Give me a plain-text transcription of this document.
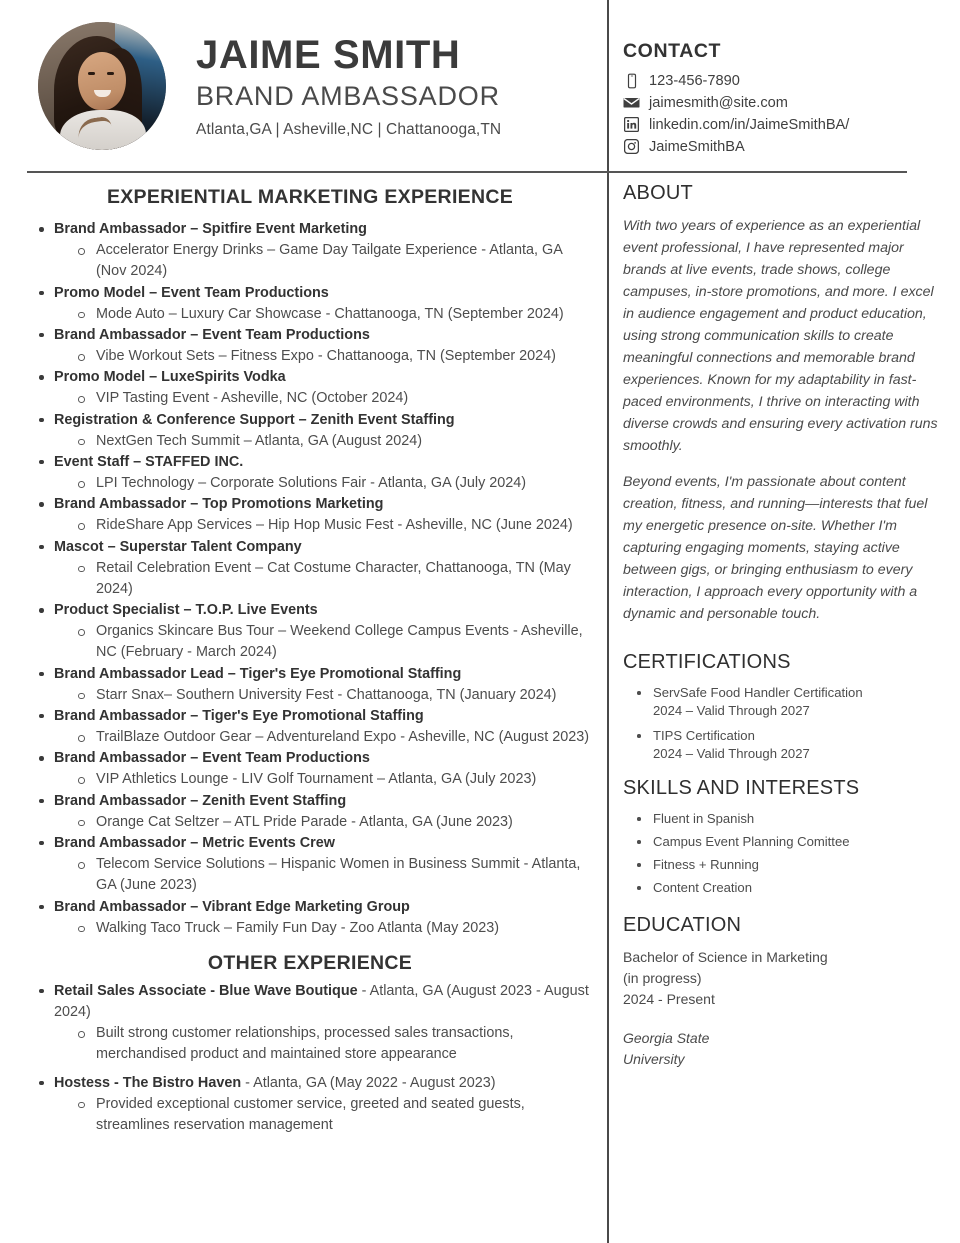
JAIME SMITH
BRAND AMBASSADOR
Atlanta,GA | Asheville,NC | Chattanooga,TN
CONTACT
123-456-7890
jaimesmith@site.com
linkedin.com/in/JaimeSmithBA/
JaimeSmithBA
EXPERIENTIAL MARKETING EXPERIENCE
Brand Ambassador – Spitfire Event Marketing
Accelerator Energy Drinks – Game Day Tailgate Experience - Atlanta, GA (Nov 2024)
Promo Model – Event Team Productions
Mode Auto – Luxury Car Showcase - Chattanooga, TN (September 2024)
Brand Ambassador – Event Team Productions
Vibe Workout Sets – Fitness Expo - Chattanooga, TN (September 2024)
Promo Model – LuxeSpirits Vodka
VIP Tasting Event - Asheville, NC (October 2024)
Registration & Conference Support – Zenith Event Staffing
NextGen Tech Summit – Atlanta, GA (August 2024)
Event Staff – STAFFED INC.
LPI Technology – Corporate Solutions Fair - Atlanta, GA (July 2024)
Brand Ambassador – Top Promotions Marketing
RideShare App Services – Hip Hop Music Fest - Asheville, NC (June 2024)
Mascot – Superstar Talent Company
Retail Celebration Event – Cat Costume Character, Chattanooga, TN (May 2024)
Product Specialist – T.O.P. Live Events
Organics Skincare Bus Tour – Weekend College Campus Events - Asheville, NC (February - March 2024)
Brand Ambassador Lead – Tiger's Eye Promotional Staffing
Starr Snax– Southern University Fest - Chattanooga, TN (January 2024)
Brand Ambassador – Tiger's Eye Promotional Staffing
TrailBlaze Outdoor Gear – Adventureland Expo - Asheville, NC (August 2023)
Brand Ambassador – Event Team Productions
VIP Athletics Lounge - LIV Golf Tournament – Atlanta, GA (July 2023)
Brand Ambassador – Zenith Event Staffing
Orange Cat Seltzer – ATL Pride Parade - Atlanta, GA (June 2023)
Brand Ambassador – Metric Events Crew
Telecom Service Solutions – Hispanic Women in Business Summit - Atlanta, GA (June 2023)
Brand Ambassador – Vibrant Edge Marketing Group
Walking Taco Truck – Family Fun Day - Zoo Atlanta (May 2023)
OTHER EXPERIENCE
Retail Sales Associate - Blue Wave Boutique - Atlanta, GA (August 2023 - August 2024)
Built strong customer relationships, processed sales transactions, merchandised product and maintained store appearance
Hostess - The Bistro Haven - Atlanta, GA (May 2022 - August 2023)
Provided exceptional customer service, greeted and seated guests, streamlines reservation management
ABOUT
With two years of experience as an experiential event professional, I have represented major brands at live events, trade shows, college campuses, in-store promotions, and more. I excel in audience engagement and product education, using strong communication skills to create meaningful connections and memorable brand experiences. Known for my adaptability in fast-paced environments, I thrive on interacting with diverse crowds and ensuring every activation runs smoothly.
Beyond events, I'm passionate about content creation, fitness, and running—interests that fuel my energetic presence on-site. Whether I'm capturing engaging moments, staying active between gigs, or bringing enthusiasm to every interaction, I approach every opportunity with a dynamic and personable touch.
CERTIFICATIONS
ServSafe Food Handler Certification
2024 – Valid Through 2027
TIPS Certification
2024 – Valid Through 2027
SKILLS AND INTERESTS
Fluent in Spanish
Campus Event Planning Comittee
Fitness + Running
Content Creation
EDUCATION
Bachelor of Science in Marketing
(in progress)
2024 - Present
Georgia State
University
